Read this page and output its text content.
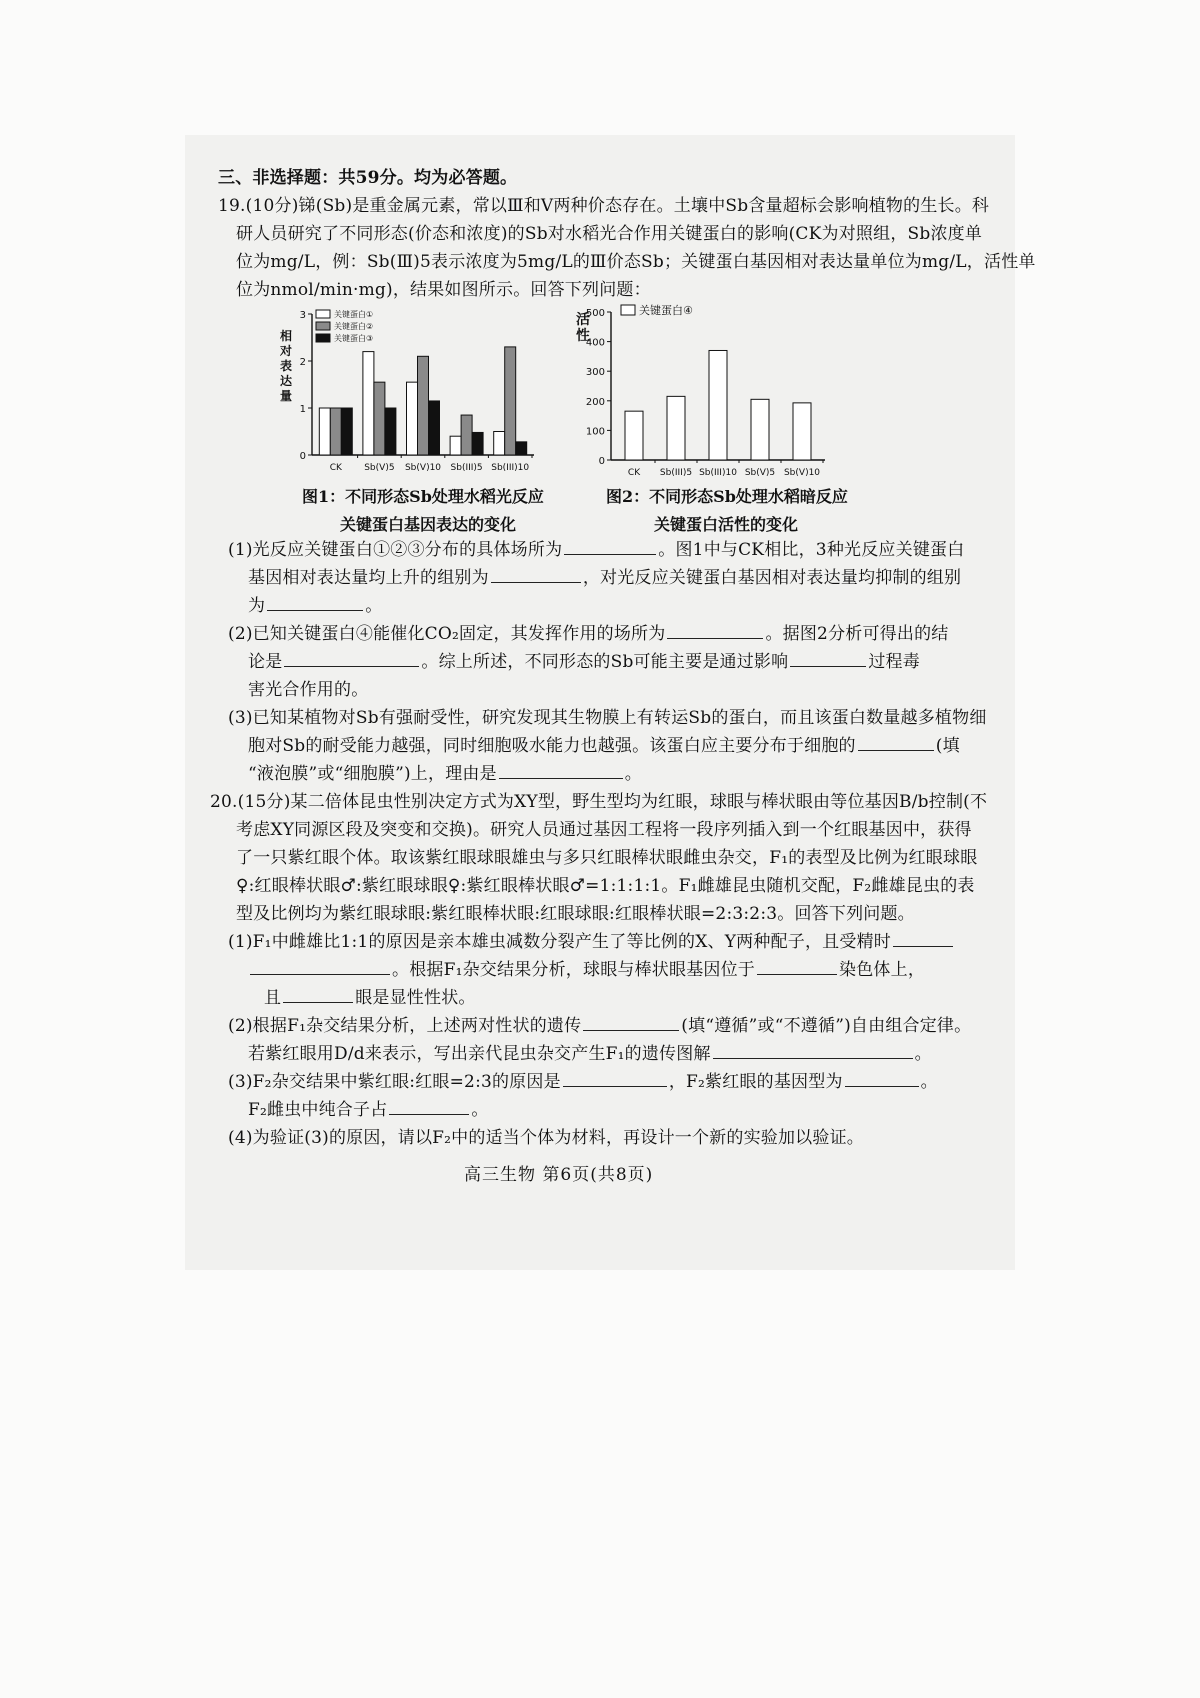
三、非选择题：共59分。均为必答题。
19.(10分)锑(Sb)是重金属元素，常以Ⅲ和Ⅴ两种价态存在。土壤中Sb含量超标会影响植物的生长。科
研人员研究了不同形态(价态和浓度)的Sb对水稻光合作用关键蛋白的影响(CK为对照组，Sb浓度单
位为mg/L，例：Sb(Ⅲ)5表示浓度为5mg/L的Ⅲ价态Sb；关键蛋白基因相对表达量单位为mg/L，活性单
位为nmol/min·mg)，结果如图所示。回答下列问题：
0
1
2
3
相
对
表
达
量
CK Sb(V)5 Sb(V)10 Sb(III)5 Sb(III)10
关键蛋白①
关键蛋白②
关键蛋白③
0
100
200
300
400
500
活
性
CK Sb(III)5 Sb(III)10 Sb(V)5 Sb(V)10
关键蛋白④
图1：不同形态Sb处理水稻光反应
关键蛋白基因表达的变化
图2：不同形态Sb处理水稻暗反应
关键蛋白活性的变化
(1)光反应关键蛋白①②③分布的具体场所为	。图1中与CK相比，3种光反应关键蛋白
基因相对表达量均上升的组别为	，对光反应关键蛋白基因相对表达量均抑制的组别
为	。
(2)已知关键蛋白④能催化CO₂固定，其发挥作用的场所为	。据图2分析可得出的结
论是	。综上所述，不同形态的Sb可能主要是通过影响	过程毒
害光合作用的。
(3)已知某植物对Sb有强耐受性，研究发现其生物膜上有转运Sb的蛋白，而且该蛋白数量越多植物细
胞对Sb的耐受能力越强，同时细胞吸水能力也越强。该蛋白应主要分布于细胞的	(填
“液泡膜”或“细胞膜”)上，理由是	。
20.(15分)某二倍体昆虫性别决定方式为XY型，野生型均为红眼，球眼与棒状眼由等位基因B/b控制(不
考虑XY同源区段及突变和交换)。研究人员通过基因工程将一段序列插入到一个红眼基因中，获得
了一只紫红眼个体。取该紫红眼球眼雄虫与多只红眼棒状眼雌虫杂交，F₁的表型及比例为红眼球眼
♀:红眼棒状眼♂:紫红眼球眼♀:紫红眼棒状眼♂=1:1:1:1。F₁雌雄昆虫随机交配，F₂雌雄昆虫的表
型及比例均为紫红眼球眼:紫红眼棒状眼:红眼球眼:红眼棒状眼=2:3:2:3。回答下列问题。
(1)F₁中雌雄比1:1的原因是亲本雄虫减数分裂产生了等比例的X、Y两种配子，且受精时
。根据F₁杂交结果分析，球眼与棒状眼基因位于	染色体上，
且	眼是显性性状。
(2)根据F₁杂交结果分析，上述两对性状的遗传	(填“遵循”或“不遵循”)自由组合定律。
若紫红眼用D/d来表示，写出亲代昆虫杂交产生F₁的遗传图解	。
(3)F₂杂交结果中紫红眼:红眼=2:3的原因是	，F₂紫红眼的基因型为	。
F₂雌虫中纯合子占	。
(4)为验证(3)的原因，请以F₂中的适当个体为材料，再设计一个新的实验加以验证。
高三生物 第6页(共8页)
